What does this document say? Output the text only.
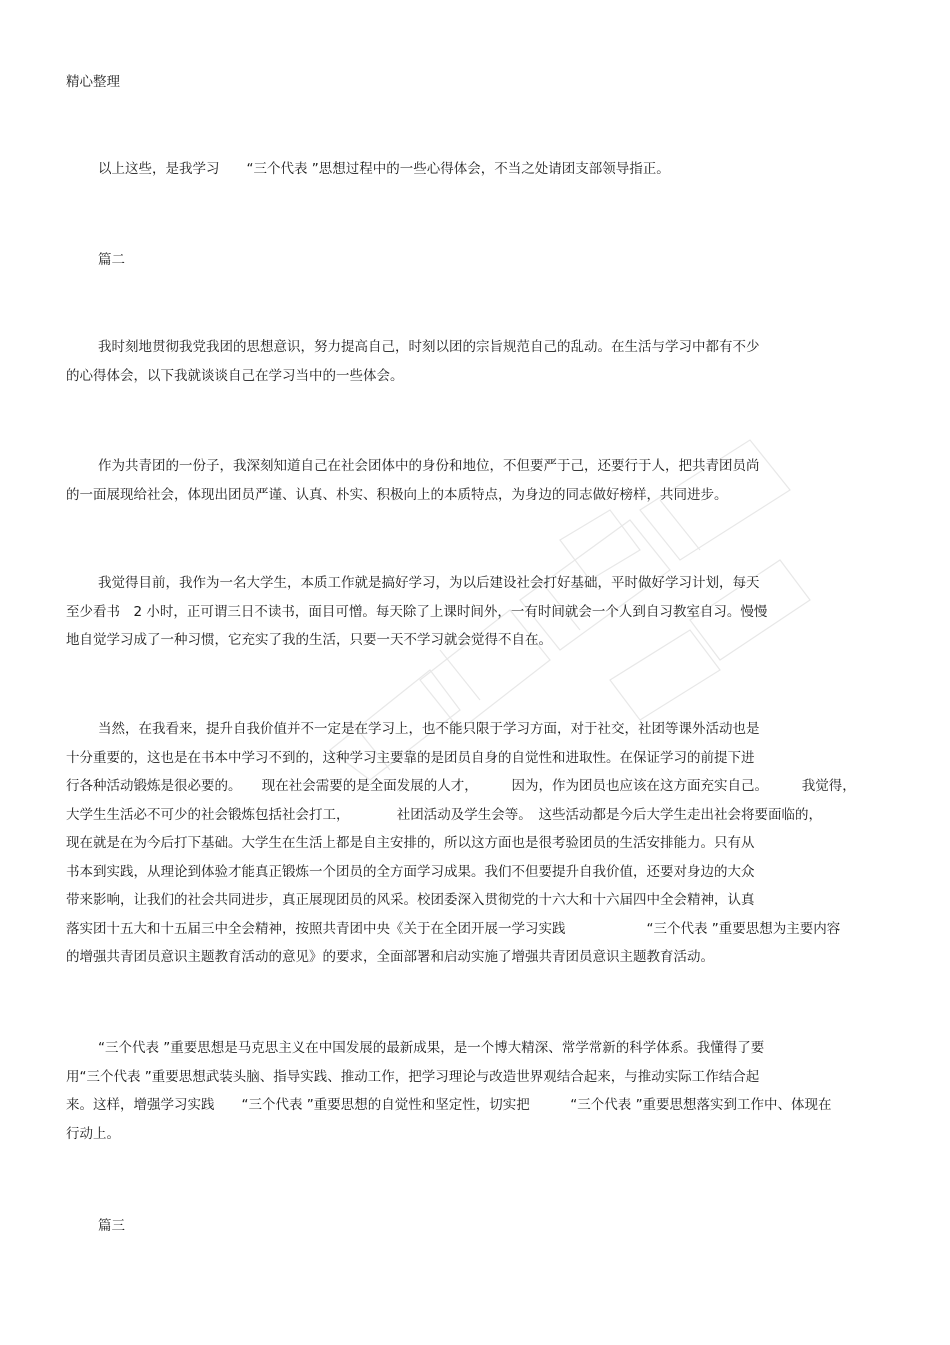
精心整理
以上这些，是我学习　　“三个代表 ”思想过程中的一些心得体会，不当之处请团支部领导指正。
篇二
我时刻地贯彻我党我团的思想意识，努力提高自己，时刻以团的宗旨规范自己的乱动。在生活与学习中都有不少
的心得体会，以下我就谈谈自己在学习当中的一些体会。
作为共青团的一份子，我深刻知道自己在社会团体中的身份和地位，不但要严于己，还要行于人，把共青团员尚
的一面展现给社会，体现出团员严谨、认真、朴实、积极向上的本质特点，为身边的同志做好榜样，共同进步。
我觉得目前，我作为一名大学生，本质工作就是搞好学习，为以后建设社会打好基础，平时做好学习计划，每天
至少看书　2 小时，正可谓三日不读书，面目可憎。每天除了上课时间外，一有时间就会一个人到自习教室自习。慢慢
地自觉学习成了一种习惯，它充实了我的生活，只要一天不学习就会觉得不自在。
当然，在我看来，提升自我价值并不一定是在学习上，也不能只限于学习方面，对于社交，社团等课外活动也是
十分重要的，这也是在书本中学习不到的，这种学习主要靠的是团员自身的自觉性和进取性。在保证学习的前提下进
行各种活动锻炼是很必要的。　　现在社会需要的是全面发展的人才，　　　因为，作为团员也应该在这方面充实自己。　　　我觉得，
大学生生活必不可少的社会锻炼包括社会打工，　　　　社团活动及学生会等。　这些活动都是今后大学生走出社会将要面临的，
现在就是在为今后打下基础。大学生在生活上都是自主安排的，所以这方面也是很考验团员的生活安排能力。只有从
书本到实践，从理论到体验才能真正锻炼一个团员的全方面学习成果。我们不但要提升自我价值，还要对身边的大众
带来影响，让我们的社会共同进步，真正展现团员的风采。校团委深入贯彻党的十六大和十六届四中全会精神，认真
落实团十五大和十五届三中全会精神，按照共青团中央《关于在全团开展一学习实践　　　　　　“三个代表 ”重要思想为主要内容
的增强共青团员意识主题教育活动的意见》的要求，全面部署和启动实施了增强共青团员意识主题教育活动。
“三个代表 ”重要思想是马克思主义在中国发展的最新成果，是一个博大精深、常学常新的科学体系。我懂得了要
用“三个代表 ”重要思想武装头脑、指导实践、推动工作，把学习理论与改造世界观结合起来，与推动实际工作结合起
来。这样，增强学习实践　　“三个代表 ”重要思想的自觉性和坚定性，切实把　　　“三个代表 ”重要思想落实到工作中、体现在
行动上。
篇三
